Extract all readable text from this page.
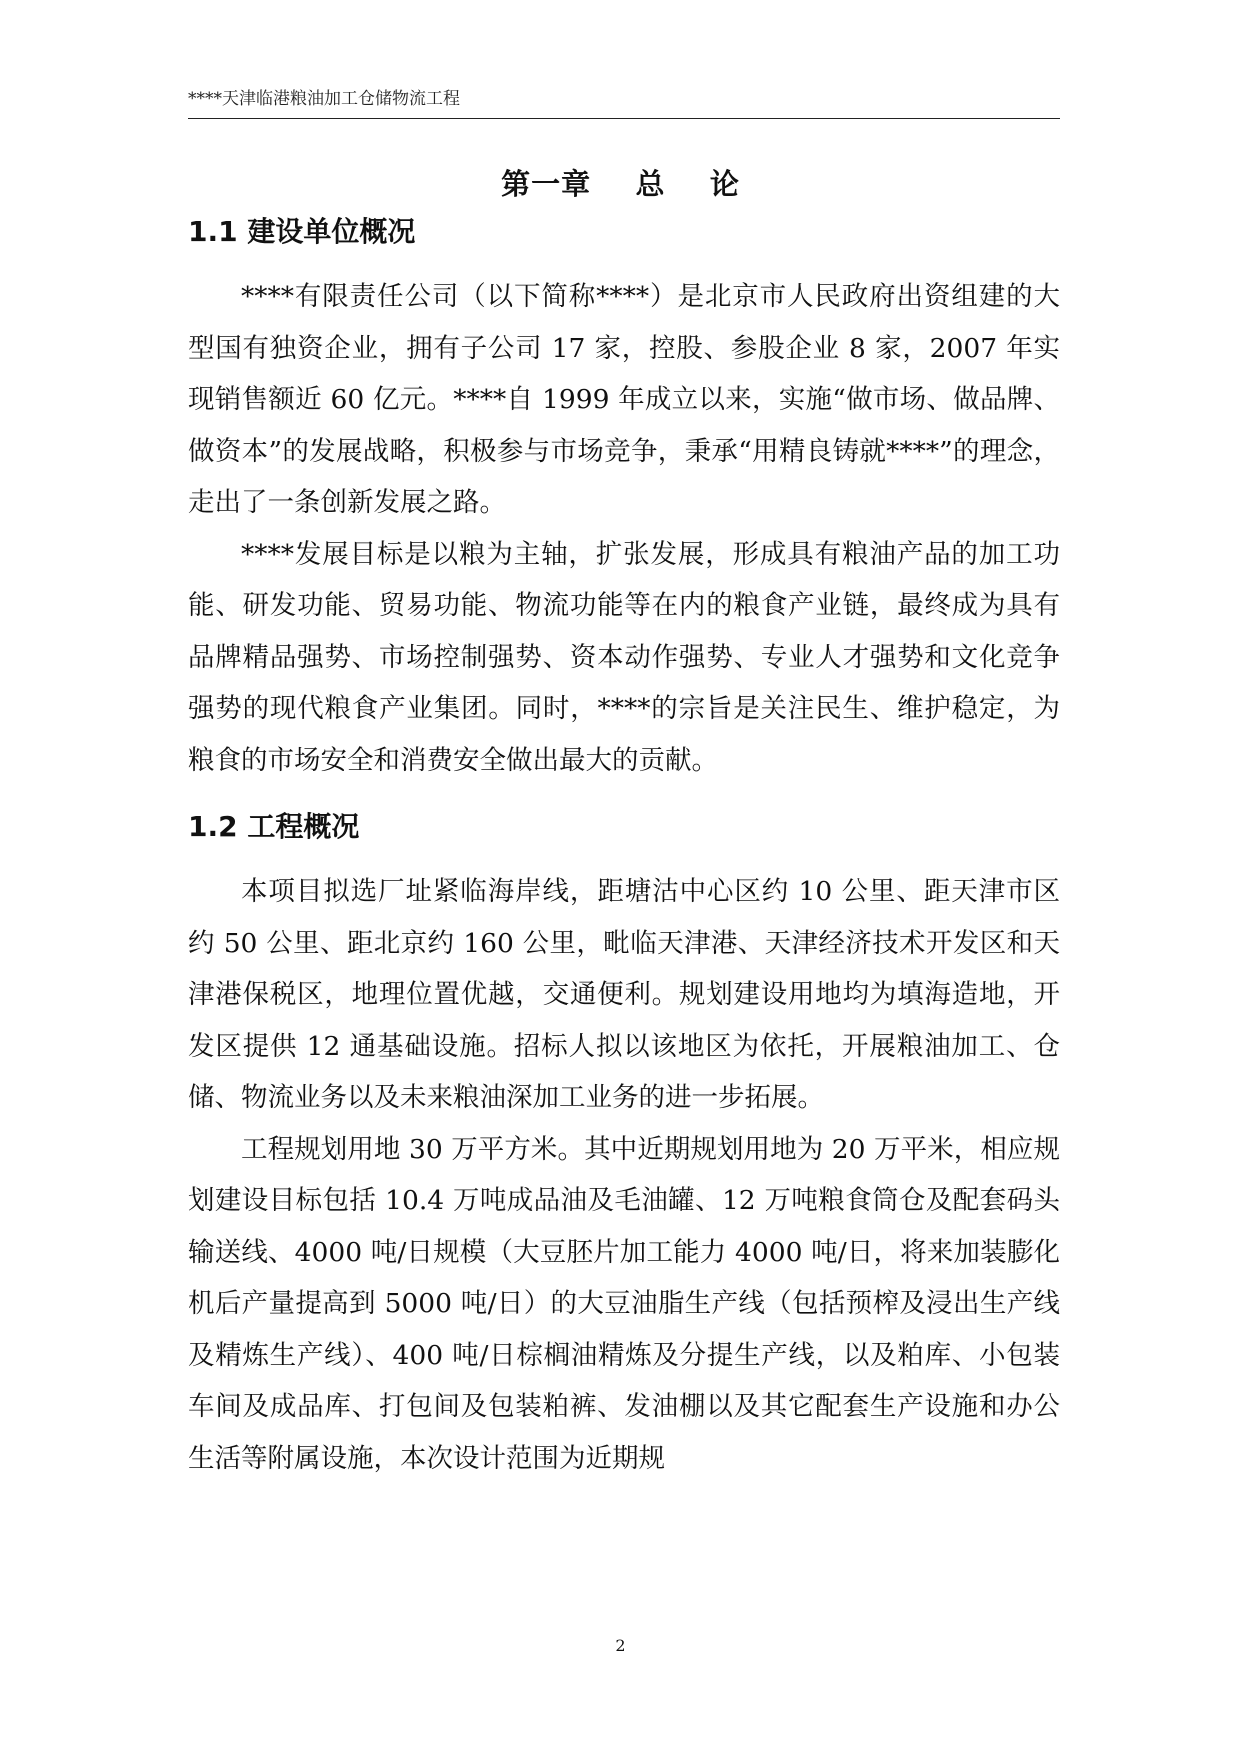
****天津临港粮油加工仓储物流工程
第一章    总    论
1.1 建设单位概况

****有限责任公司（以下简称****）是北京市人民政府出资组建的大型国有独资企业，拥有子公司 17 家，控股、参股企业 8 家，2007 年实现销售额近 60 亿元。****自 1999 年成立以来，实施“做市场、做品牌、做资本”的发展战略，积极参与市场竞争，秉承“用精良铸就****”的理念，走出了一条创新发展之路。

****发展目标是以粮为主轴，扩张发展，形成具有粮油产品的加工功能、研发功能、贸易功能、物流功能等在内的粮食产业链，最终成为具有品牌精品强势、市场控制强势、资本动作强势、专业人才强势和文化竞争强势的现代粮食产业集团。同时，****的宗旨是关注民生、维护稳定，为粮食的市场安全和消费安全做出最大的贡献。

1.2 工程概况

本项目拟选厂址紧临海岸线，距塘沽中心区约 10 公里、距天津市区约 50 公里、距北京约 160 公里，毗临天津港、天津经济技术开发区和天津港保税区，地理位置优越，交通便利。规划建设用地均为填海造地，开发区提供 12 通基础设施。招标人拟以该地区为依托，开展粮油加工、仓储、物流业务以及未来粮油深加工业务的进一步拓展。

工程规划用地 30 万平方米。其中近期规划用地为 20 万平米，相应规划建设目标包括 10.4 万吨成品油及毛油罐、12 万吨粮食筒仓及配套码头输送线、4000 吨/日规模（大豆胚片加工能力 4000 吨/日，将来加装膨化机后产量提高到 5000 吨/日）的大豆油脂生产线（包括预榨及浸出生产线及精炼生产线）、400 吨/日棕榈油精炼及分提生产线，以及粕库、小包装车间及成品库、打包间及包装粕裤、发油棚以及其它配套生产设施和办公生活等附属设施，本次设计范围为近期规

2
